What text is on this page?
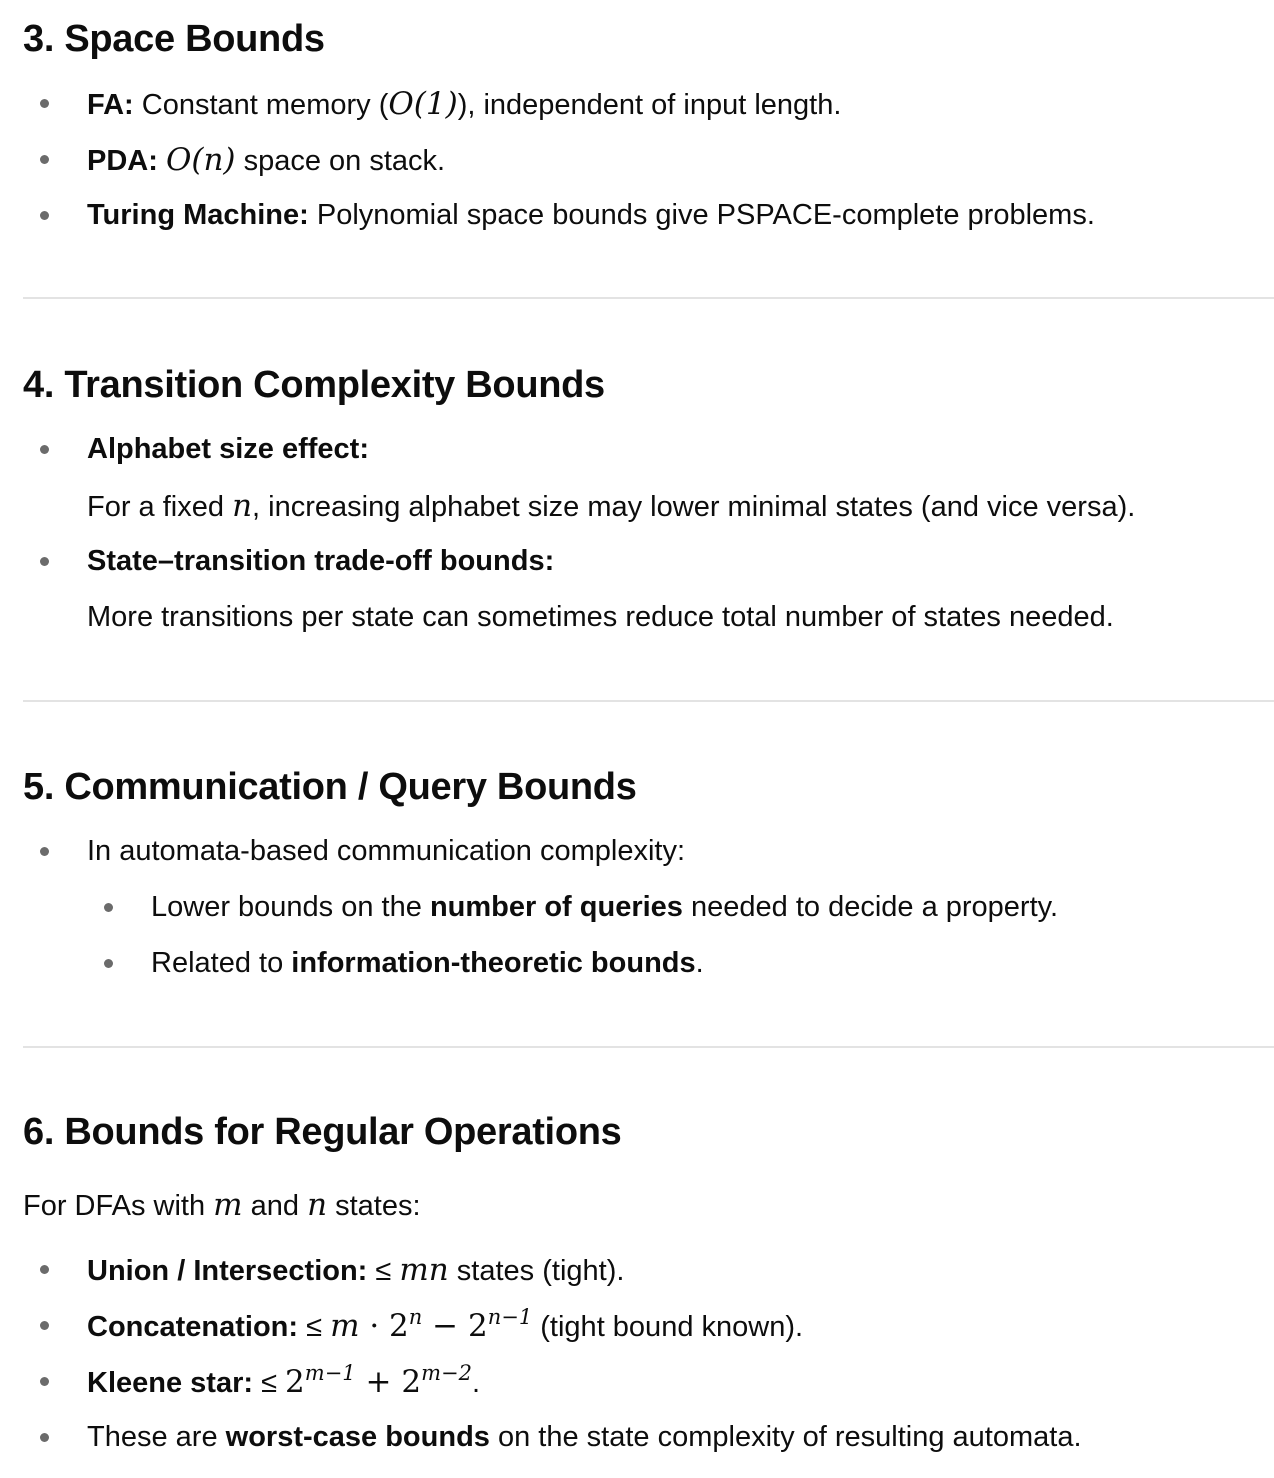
3. Space Bounds
FA: Constant memory (O(1)), independent of input length.
PDA: O(n) space on stack.
Turing Machine: Polynomial space bounds give PSPACE-complete problems.
4. Transition Complexity Bounds
Alphabet size effect:
For a fixed n, increasing alphabet size may lower minimal states (and vice versa).
State–transition trade-off bounds:
More transitions per state can sometimes reduce total number of states needed.
5. Communication / Query Bounds
In automata-based communication complexity:
Lower bounds on the number of queries needed to decide a property.
Related to information-theoretic bounds.
6. Bounds for Regular Operations
For DFAs with m and n states:
Union / Intersection: ≤ mn states (tight).
Concatenation: ≤ $m \cdot 2^n - 2^{n-1}$ (tight bound known).
Kleene star: ≤ $2^{m-1} + 2^{m-2}$.
These are worst-case bounds on the state complexity of resulting automata.
